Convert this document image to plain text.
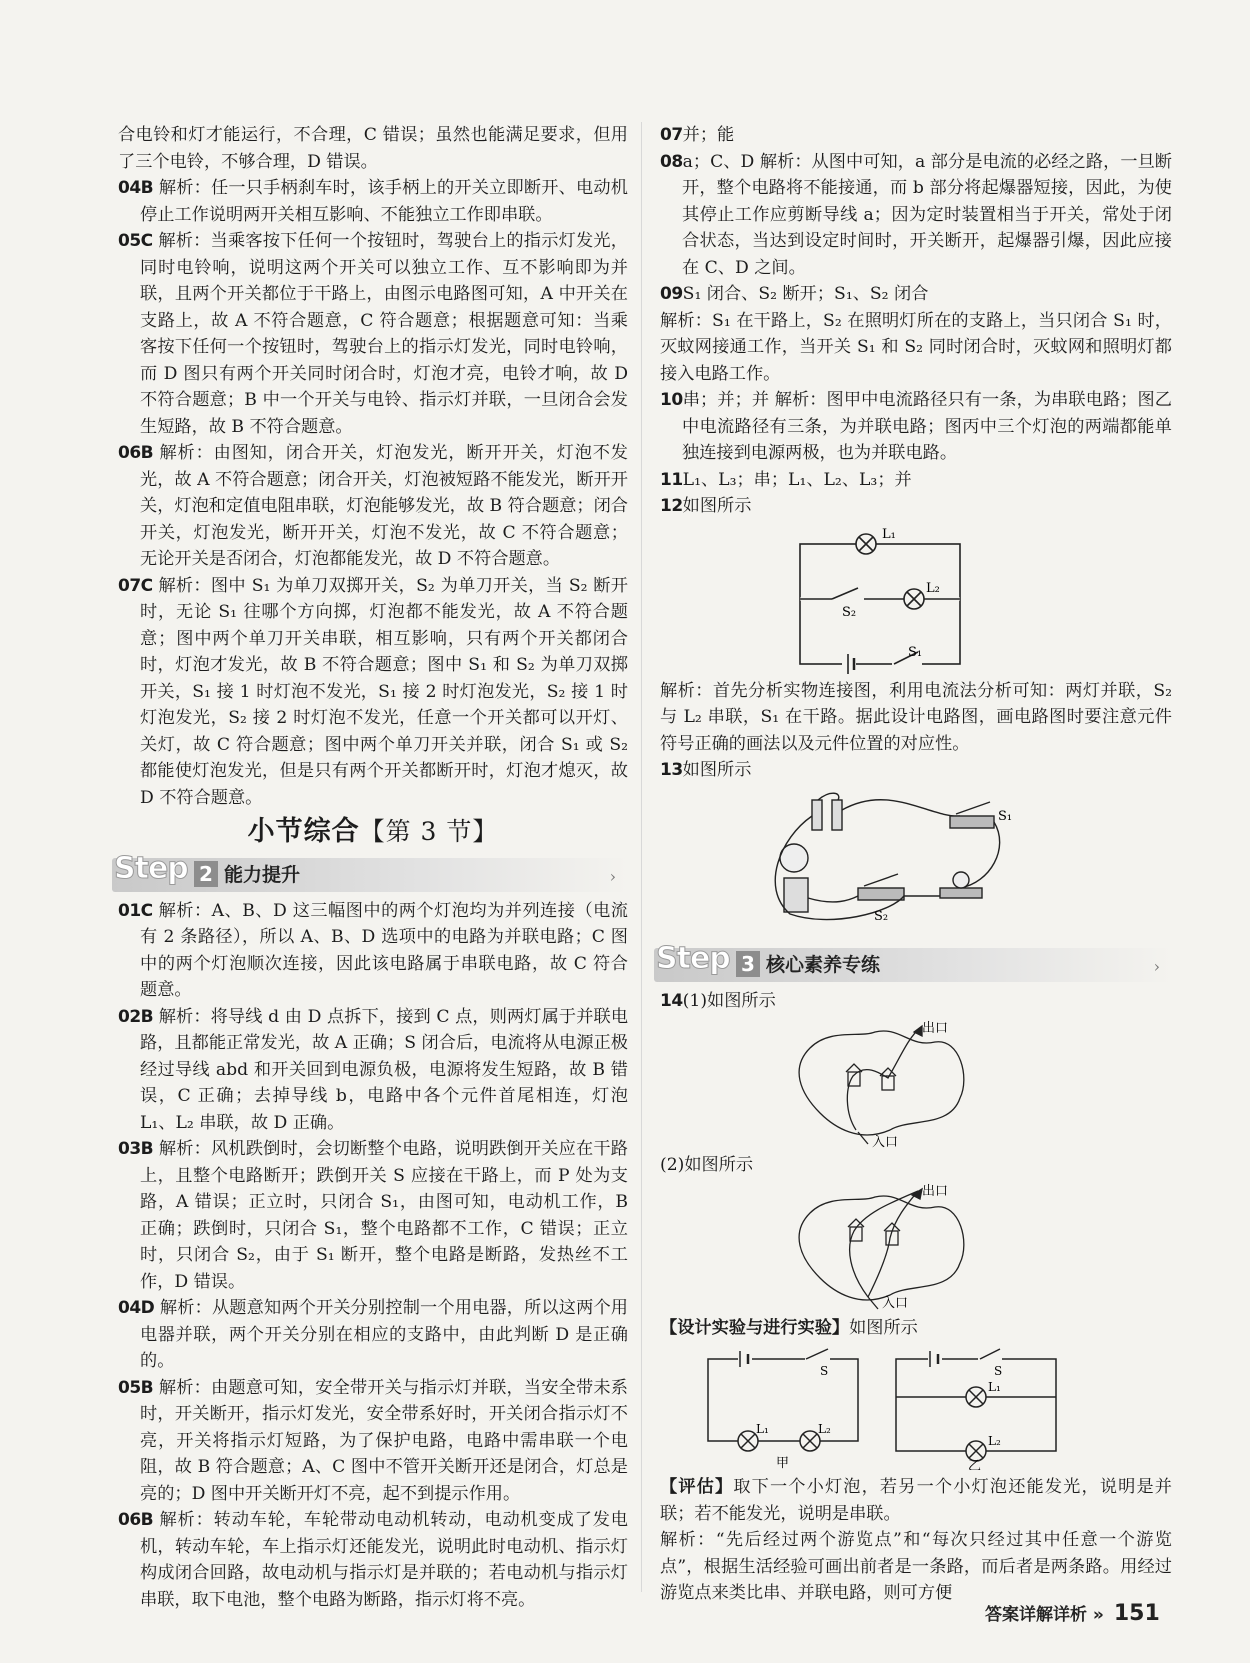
合电铃和灯才能运行，不合理，C 错误；虽然也能满足要求，但用了三个电铃，不够合理，D 错误。

04B 解析：任一只手柄刹车时，该手柄上的开关立即断开、电动机停止工作说明两开关相互影响、不能独立工作即串联。

05C 解析：当乘客按下任何一个按钮时，驾驶台上的指示灯发光，同时电铃响，说明这两个开关可以独立工作、互不影响即为并联，且两个开关都位于干路上，由图示电路图可知，A 中开关在支路上，故 A 不符合题意，C 符合题意；根据题意可知：当乘客按下任何一个按钮时，驾驶台上的指示灯发光，同时电铃响，而 D 图只有两个开关同时闭合时，灯泡才亮，电铃才响，故 D 不符合题意；B 中一个开关与电铃、指示灯并联，一旦闭合会发生短路，故 B 不符合题意。

06B 解析：由图知，闭合开关，灯泡发光，断开开关，灯泡不发光，故 A 不符合题意；闭合开关，灯泡被短路不能发光，断开开关，灯泡和定值电阻串联，灯泡能够发光，故 B 符合题意；闭合开关，灯泡发光，断开开关，灯泡不发光，故 C 不符合题意；无论开关是否闭合，灯泡都能发光，故 D 不符合题意。

07C 解析：图中 S₁ 为单刀双掷开关，S₂ 为单刀开关，当 S₂ 断开时，无论 S₁ 往哪个方向掷，灯泡都不能发光，故 A 不符合题意；图中两个单刀开关串联，相互影响，只有两个开关都闭合时，灯泡才发光，故 B 不符合题意；图中 S₁ 和 S₂ 为单刀双掷开关，S₁ 接 1 时灯泡不发光，S₁ 接 2 时灯泡发光，S₂ 接 1 时灯泡发光，S₂ 接 2 时灯泡不发光，任意一个开关都可以开灯、关灯，故 C 符合题意；图中两个单刀开关并联，闭合 S₁ 或 S₂ 都能使灯泡发光，但是只有两个开关都断开时，灯泡才熄灭，故 D 不符合题意。

小节综合【第 3 节】
Step 2 能力提升	›

01C 解析：A、B、D 这三幅图中的两个灯泡均为并列连接（电流有 2 条路径），所以 A、B、D 选项中的电路为并联电路；C 图中的两个灯泡顺次连接，因此该电路属于串联电路，故 C 符合题意。

02B 解析：将导线 d 由 D 点拆下，接到 C 点，则两灯属于并联电路，且都能正常发光，故 A 正确；S 闭合后，电流将从电源正极经过导线 abd 和开关回到电源负极，电源将发生短路，故 B 错误，C 正确；去掉导线 b，电路中各个元件首尾相连，灯泡 L₁、L₂ 串联，故 D 正确。

03B 解析：风机跌倒时，会切断整个电路，说明跌倒开关应在干路上，且整个电路断开；跌倒开关 S 应接在干路上，而 P 处为支路，A 错误；正立时，只闭合 S₁，由图可知，电动机工作，B 正确；跌倒时，只闭合 S₁，整个电路都不工作，C 错误；正立时，只闭合 S₂，由于 S₁ 断开，整个电路是断路，发热丝不工作，D 错误。

04D 解析：从题意知两个开关分别控制一个用电器，所以这两个用电器并联，两个开关分别在相应的支路中，由此判断 D 是正确的。

05B 解析：由题意可知，安全带开关与指示灯并联，当安全带未系时，开关断开，指示灯发光，安全带系好时，开关闭合指示灯不亮，开关将指示灯短路，为了保护电路，电路中需串联一个电阻，故 B 符合题意；A、C 图中不管开关断开还是闭合，灯总是亮的；D 图中开关断开灯不亮，起不到提示作用。

06B 解析：转动车轮，车轮带动电动机转动，电动机变成了发电机，转动车轮，车上指示灯还能发光，说明此时电动机、指示灯构成闭合回路，故电动机与指示灯是并联的；若电动机与指示灯串联，取下电池，整个电路为断路，指示灯将不亮。

07并；能

08a；C、D 解析：从图中可知，a 部分是电流的必经之路，一旦断开，整个电路将不能接通，而 b 部分将起爆器短接，因此，为使其停止工作应剪断导线 a；因为定时装置相当于开关，常处于闭合状态，当达到设定时间时，开关断开，起爆器引爆，因此应接在 C、D 之间。

09S₁ 闭合、S₂ 断开；S₁、S₂ 闭合

解析：S₁ 在干路上，S₂ 在照明灯所在的支路上，当只闭合 S₁ 时，灭蚊网接通工作，当开关 S₁ 和 S₂ 同时闭合时，灭蚊网和照明灯都接入电路工作。

10串；并；并 解析：图甲中电流路径只有一条，为串联电路；图乙中电流路径有三条，为并联电路；图丙中三个灯泡的两端都能单独连接到电源两极，也为并联电路。

11L₁、L₃；串；L₁、L₂、L₃；并

12如图所示

L₁
L₂
S₂
S₁

解析：首先分析实物连接图，利用电流法分析可知：两灯并联，S₂ 与 L₂ 串联，S₁ 在干路。据此设计电路图，画电路图时要注意元件符号正确的画法以及元件位置的对应性。

13如图所示

S₁
S₂
Step 3 核心素养专练	›

14(1)如图所示

出口
入口

(2)如图所示

出口
入口

【设计实验与进行实验】如图所示

S
L₁	L₂
S
L₁
L₂
甲	乙

【评估】取下一个小灯泡，若另一个小灯泡还能发光，说明是并联；若不能发光，说明是串联。

解析：“先后经过两个游览点”和“每次只经过其中任意一个游览点”，根据生活经验可画出前者是一条路，而后者是两条路。用经过游览点来类比串、并联电路，则可方便

答案详解详析 » 151
